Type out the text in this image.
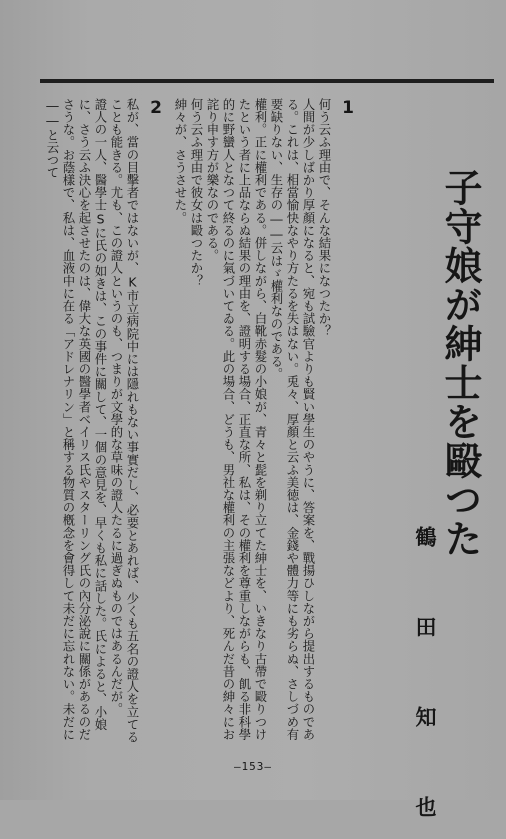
子守娘が紳士を毆つた
鶴 田 知 也

1

何う云ふ理由で、そんな結果になつたか？

人間が少しばかり厚顏になると、宛も試驗官よりも賢い學生のやうに、答案を、戰揚ひしながら提出するものである。これは、相當愉快なやり方たるを失はない。兎々、厚顏と云ふ美徳は、金錢や體力等にも劣らぬ、さしづめ有要缺りない、生存の――云はゞ權利なのである。

權利。正に權利である。併しながら、白靴赤髮の小娘が、青々と髭を剃り立てた紳士を、いきなり古帶で毆りつけたという者に上品ならぬ結果の理由を、證明する場合、正直な所、私は、その權利を尊重しながらも、飢る非科學的に野蠻人となつて終るのに氣づいてゐる。此の場合、どうも、男社な權利の主張などより、死んだ昔の紳々にお詫り申す方が樂なのである。

何う云ふ理由で彼女は毆つたか？

紳々が、さうさせた。

2

私が、當の目擊者ではないが、K市立病院中には隱れもない事實だし、必要とあれば、少くも五名の證人を立てることも能きる。尤も、この證人というのも、つまりが文學的な草味の證人たるに過ぎぬものではあるんだが。

證人の一人、醫學士Sに氏の如きは、この事件に關して、一個の意見を、早くも私に話した。氏によると、小娘に、さう云ふ決心を起させたのは、偉大な英國の醫學者ベイリス氏やスターリング氏の內分泌說に關係があるのださうな。お蔭樣で、私は、血液中に在る「アドレナリン」と稱する物質の槪念を會得して未だに忘れない。未だに――と云つて

—153—
